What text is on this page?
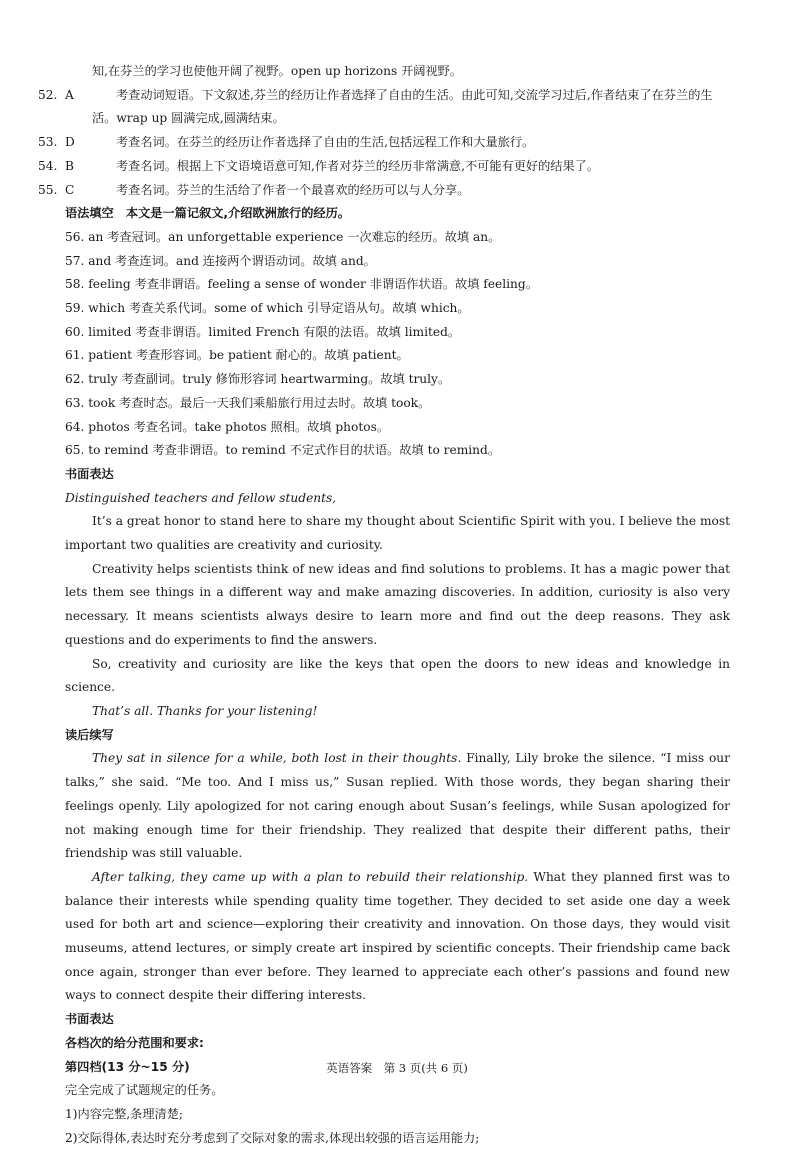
知,在芬兰的学习也使他开阔了视野。open up horizons 开阔视野。
52. A	考查动词短语。下文叙述,芬兰的经历让作者选择了自由的生活。由此可知,交流学习过后,作者结束了在芬兰的生活。wrap up 圆满完成,圆满结束。
53. D	考查名词。在芬兰的经历让作者选择了自由的生活,包括远程工作和大量旅行。
54. B	考查名词。根据上下文语境语意可知,作者对芬兰的经历非常满意,不可能有更好的结果了。
55. C	考查名词。芬兰的生活给了作者一个最喜欢的经历可以与人分享。
语法填空　本文是一篇记叙文,介绍欧洲旅行的经历。
56. an 考查冠词。an unforgettable experience 一次难忘的经历。故填 an。
57. and 考查连词。and 连接两个谓语动词。故填 and。
58. feeling 考查非谓语。feeling a sense of wonder 非谓语作状语。故填 feeling。
59. which 考查关系代词。some of which 引导定语从句。故填 which。
60. limited 考查非谓语。limited French 有限的法语。故填 limited。
61. patient 考查形容词。be patient 耐心的。故填 patient。
62. truly 考查副词。truly 修饰形容词 heartwarming。故填 truly。
63. took 考查时态。最后一天我们乘船旅行用过去时。故填 took。
64. photos 考查名词。take photos 照相。故填 photos。
65. to remind 考查非谓语。to remind 不定式作目的状语。故填 to remind。
书面表达
Distinguished teachers and fellow students,
It’s a great honor to stand here to share my thought about Scientific Spirit with you. I believe the most important two qualities are creativity and curiosity.
Creativity helps scientists think of new ideas and find solutions to problems. It has a magic power that lets them see things in a different way and make amazing discoveries. In addition, curiosity is also very necessary. It means scientists always desire to learn more and find out the deep reasons. They ask questions and do experiments to find the answers.
So, creativity and curiosity are like the keys that open the doors to new ideas and knowledge in science.
That’s all. Thanks for your listening!
读后续写
They sat in silence for a while, both lost in their thoughts. Finally, Lily broke the silence. “I miss our talks,” she said. “Me too. And I miss us,” Susan replied. With those words, they began sharing their feelings openly. Lily apologized for not caring enough about Susan’s feelings, while Susan apologized for not making enough time for their friendship. They realized that despite their different paths, their friendship was still valuable.
After talking, they came up with a plan to rebuild their relationship. What they planned first was to balance their interests while spending quality time together. They decided to set aside one day a week used for both art and science—exploring their creativity and innovation. On those days, they would visit museums, attend lectures, or simply create art inspired by scientific concepts. Their friendship came back once again, stronger than ever before. They learned to appreciate each other’s passions and found new ways to connect despite their differing interests.
书面表达
各档次的给分范围和要求:
第四档(13 分~15 分)
完全完成了试题规定的任务。
1)内容完整,条理清楚;
2)交际得体,表达时充分考虑到了交际对象的需求,体现出较强的语言运用能力;
英语答案　第 3 页(共 6 页)
